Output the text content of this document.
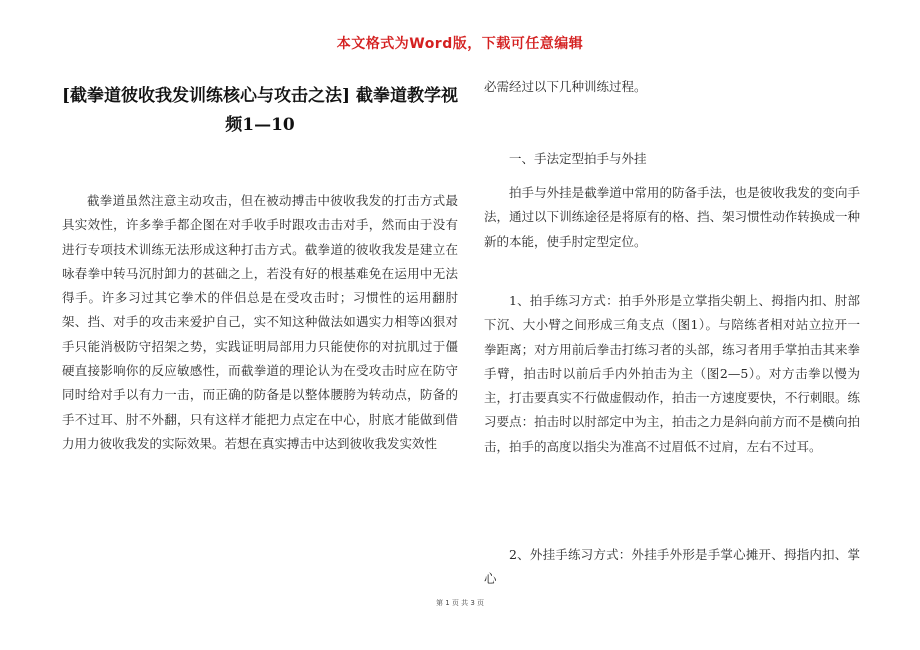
本文格式为Word版，下载可任意编辑
[截拳道彼收我发训练核心与攻击之法] 截拳道教学视频1—10
截拳道虽然注意主动攻击，但在被动搏击中彼收我发的打击方式最具实效性，许多拳手都企图在对手收手时跟攻击击对手，然而由于没有进行专项技术训练无法形成这种打击方式。截拳道的彼收我发是建立在咏春拳中转马沉肘卸力的甚础之上，若没有好的根基难免在运用中无法得手。许多习过其它拳术的伴侣总是在受攻击时；习惯性的运用翻肘架、挡、对手的攻击来爱护自己，实不知这种做法如遇实力相等凶狠对手只能消极防守招架之势，实践证明局部用力只能使你的对抗肌过于僵硬直接影响你的反应敏感性，而截拳道的理论认为在受攻击时应在防守同时给对手以有力一击，而正确的防备是以整体腰胯为转动点，防备的手不过耳、肘不外翻，只有这样才能把力点定在中心，肘底才能做到借力用力彼收我发的实际效果。若想在真实搏击中达到彼收我发实效性
必需经过以下几种训练过程。
一、手法定型拍手与外挂
拍手与外挂是截拳道中常用的防备手法，也是彼收我发的变向手法，通过以下训练途径是将原有的格、挡、架习惯性动作转换成一种新的本能，使手肘定型定位。
1、拍手练习方式：拍手外形是立掌指尖朝上、拇指内扣、肘部下沉、大小臂之间形成三角支点（图1）。与陪练者相对站立拉开一拳距离；对方用前后拳击打练习者的头部，练习者用手掌拍击其来拳手臂，拍击时以前后手内外拍击为主（图2—5）。对方击拳以慢为主，打击要真实不行做虚假动作，拍击一方速度要快，不行刺眼。练习要点：拍击时以肘部定中为主，拍击之力是斜向前方而不是横向拍击，拍手的高度以指尖为准高不过眉低不过肩，左右不过耳。
2、外挂手练习方式：外挂手外形是手掌心摊开、拇指内扣、掌心
第 1 页 共 3 页
